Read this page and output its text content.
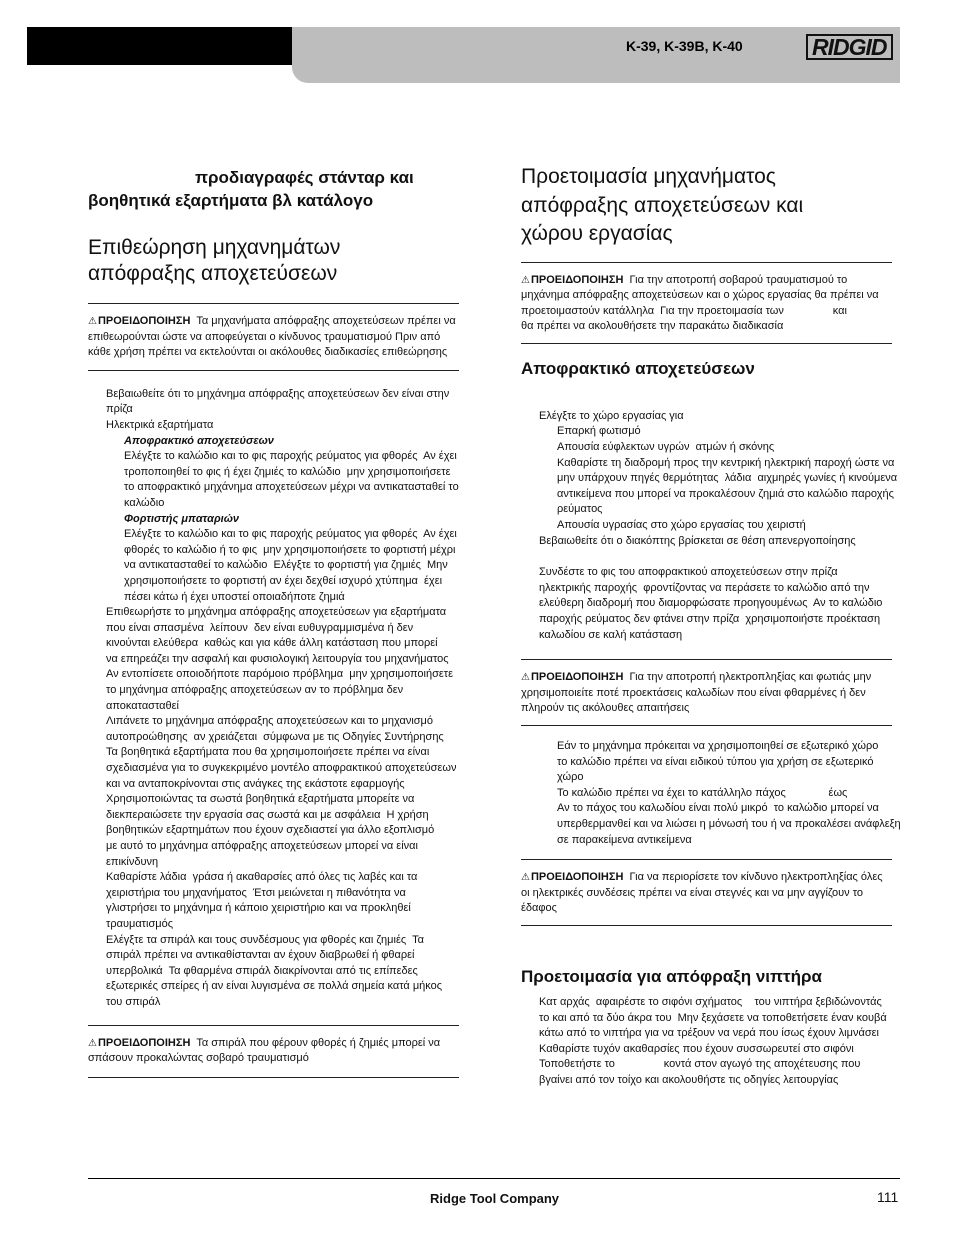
K-39, K-39B, K-40	RIDGID
προδιαγραφές στάνταρ και
βοηθητικά εξαρτήματα βλ κατάλογο
Επιθεώρηση μηχανημάτων
απόφραξης αποχετεύσεων
⚠ΠΡΟΕΙΔΟΠΟΙΗΣΗ Τα μηχανήματα απόφραξης αποχετεύσεων πρέπει να
επιθεωρούνται ώστε να αποφεύγεται ο κίνδυνος τραυματισμού Πριν από
κάθε χρήση πρέπει να εκτελούνται οι ακόλουθες διαδικασίες επιθεώρησης
Βεβαιωθείτε ότι το μηχάνημα απόφραξης αποχετεύσεων δεν είναι στην
πρίζα
Ηλεκτρικά εξαρτήματα
Αποφρακτικό αποχετεύσεων
Ελέγξτε το καλώδιο και το φις παροχής ρεύματος για φθορές  Αν έχει
τροποποιηθεί το φις ή έχει ζημιές το καλώδιο  μην χρησιμοποιήσετε
το αποφρακτικό μηχάνημα αποχετεύσεων μέχρι να αντικατασταθεί το
καλώδιο
Φορτιστής μπαταριών
Ελέγξτε το καλώδιο και το φις παροχής ρεύματος για φθορές  Αν έχει
φθορές το καλώδιο ή το φις  μην χρησιμοποιήσετε το φορτιστή μέχρι
να αντικατασταθεί το καλώδιο  Ελέγξτε το φορτιστή για ζημιές  Μην
χρησιμοποιήσετε το φορτιστή αν έχει δεχθεί ισχυρό χτύπημα  έχει
πέσει κάτω ή έχει υποστεί οποιαδήποτε ζημιά
Επιθεωρήστε το μηχάνημα απόφραξης αποχετεύσεων για εξαρτήματα
που είναι σπασμένα  λείπουν  δεν είναι ευθυγραμμισμένα ή δεν
κινούνται ελεύθερα  καθώς και για κάθε άλλη κατάσταση που μπορεί
να επηρεάζει την ασφαλή και φυσιολογική λειτουργία του μηχανήματος
Αν εντοπίσετε οποιοδήποτε παρόμοιο πρόβλημα  μην χρησιμοποιήσετε
το μηχάνημα απόφραξης αποχετεύσεων αν το πρόβλημα δεν
αποκατασταθεί
Λιπάνετε το μηχάνημα απόφραξης αποχετεύσεων και το μηχανισμό
αυτοπροώθησης  αν χρειάζεται  σύμφωνα με τις Οδηγίες Συντήρησης
Τα βοηθητικά εξαρτήματα που θα χρησιμοποιήσετε πρέπει να είναι
σχεδιασμένα για το συγκεκριμένο μοντέλο αποφρακτικού αποχετεύσεων
και να ανταποκρίνονται στις ανάγκες της εκάστοτε εφαρμογής
Χρησιμοποιώντας τα σωστά βοηθητικά εξαρτήματα μπορείτε να
διεκπεραιώσετε την εργασία σας σωστά και με ασφάλεια  Η χρήση
βοηθητικών εξαρτημάτων που έχουν σχεδιαστεί για άλλο εξοπλισμό
με αυτό το μηχάνημα απόφραξης αποχετεύσεων μπορεί να είναι
επικίνδυνη
Καθαρίστε λάδια  γράσα ή ακαθαρσίες από όλες τις λαβές και τα
χειριστήρια του μηχανήματος  Έτσι μειώνεται η πιθανότητα να
γλιστρήσει το μηχάνημα ή κάποιο χειριστήριο και να προκληθεί
τραυματισμός
Ελέγξτε τα σπιράλ και τους συνδέσμους για φθορές και ζημιές  Τα
σπιράλ πρέπει να αντικαθίστανται αν έχουν διαβρωθεί ή φθαρεί
υπερβολικά  Τα φθαρμένα σπιράλ διακρίνονται από τις επίπεδες
εξωτερικές σπείρες ή αν είναι λυγισμένα σε πολλά σημεία κατά μήκος
του σπιράλ
⚠ΠΡΟΕΙΔΟΠΟΙΗΣΗ Τα σπιράλ που φέρουν φθορές ή ζημιές μπορεί να
σπάσουν προκαλώντας σοβαρό τραυματισμό
Προετοιμασία μηχανήματος
απόφραξης αποχετεύσεων και
χώρου εργασίας
⚠ΠΡΟΕΙΔΟΠΟΙΗΣΗ Για την αποτροπή σοβαρού τραυματισμού το
μηχάνημα απόφραξης αποχετεύσεων και ο χώρος εργασίας θα πρέπει να
προετοιμαστούν κατάλληλα  Για την προετοιμασία των                και
θα πρέπει να ακολουθήσετε την παρακάτω διαδικασία
Αποφρακτικό αποχετεύσεων
Ελέγξτε το χώρο εργασίας για
Επαρκή φωτισμό
Απουσία εύφλεκτων υγρών  ατμών ή σκόνης
Καθαρίστε τη διαδρομή προς την κεντρική ηλεκτρική παροχή ώστε να
μην υπάρχουν πηγές θερμότητας  λάδια  αιχμηρές γωνίες ή κινούμενα
αντικείμενα που μπορεί να προκαλέσουν ζημιά στο καλώδιο παροχής
ρεύματος
Απουσία υγρασίας στο χώρο εργασίας του χειριστή
Βεβαιωθείτε ότι ο διακόπτης βρίσκεται σε θέση απενεργοποίησης
Συνδέστε το φις του αποφρακτικού αποχετεύσεων στην πρίζα
ηλεκτρικής παροχής  φροντίζοντας να περάσετε το καλώδιο από την
ελεύθερη διαδρομή που διαμορφώσατε προηγουμένως  Αν το καλώδιο
παροχής ρεύματος δεν φτάνει στην πρίζα  χρησιμοποιήστε προέκταση
καλωδίου σε καλή κατάσταση
⚠ΠΡΟΕΙΔΟΠΟΙΗΣΗ Για την αποτροπή ηλεκτροπληξίας και φωτιάς μην
χρησιμοποιείτε ποτέ προεκτάσεις καλωδίων που είναι φθαρμένες ή δεν
πληρούν τις ακόλουθες απαιτήσεις
Εάν το μηχάνημα πρόκειται να χρησιμοποιηθεί σε εξωτερικό χώρο
το καλώδιο πρέπει να είναι ειδικού τύπου για χρήση σε εξωτερικό
χώρο
Το καλώδιο πρέπει να έχει το κατάλληλο πάχος              έως
Αν το πάχος του καλωδίου είναι πολύ μικρό  το καλώδιο μπορεί να
υπερθερμανθεί και να λιώσει η μόνωσή του ή να προκαλέσει ανάφλεξη
σε παρακείμενα αντικείμενα
⚠ΠΡΟΕΙΔΟΠΟΙΗΣΗ Για να περιορίσετε τον κίνδυνο ηλεκτροπληξίας όλες
οι ηλεκτρικές συνδέσεις πρέπει να είναι στεγνές και να μην αγγίζουν το
έδαφος
Προετοιμασία για απόφραξη νιπτήρα
Κατ αρχάς  αφαιρέστε το σιφόνι σχήματος    του νιπτήρα ξεβιδώνοντάς
το και από τα δύο άκρα του  Μην ξεχάσετε να τοποθετήσετε έναν κουβά
κάτω από το νιπτήρα για να τρέξουν να νερά που ίσως έχουν λιμνάσει
Καθαρίστε τυχόν ακαθαρσίες που έχουν συσσωρευτεί στο σιφόνι
Τοποθετήστε το                κοντά στον αγωγό της αποχέτευσης που
βγαίνει από τον τοίχο και ακολουθήστε τις οδηγίες λειτουργίας
Ridge Tool Company	111
